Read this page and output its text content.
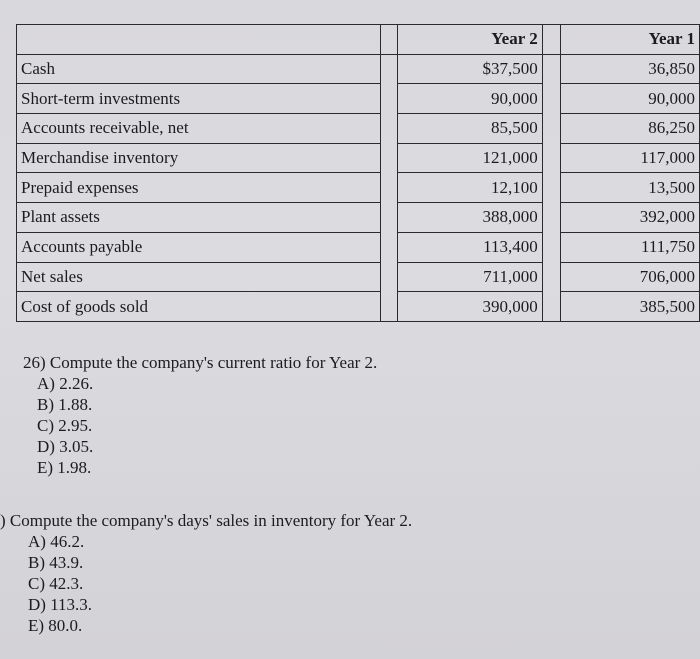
		Year 2		Year 1
Cash		$37,500		36,850
Short-term investments		90,000		90,000
Accounts receivable, net		85,500		86,250
Merchandise inventory		121,000		117,000
Prepaid expenses		12,100		13,500
Plant assets		388,000		392,000
Accounts payable		113,400		111,750
Net sales		711,000		706,000
Cost of goods sold		390,000		385,500
26) Compute the company's current ratio for Year 2.
A) 2.26.
B) 1.88.
C) 2.95.
D) 3.05.
E) 1.98.
) Compute the company's days' sales in inventory for Year 2.
A) 46.2.
B) 43.9.
C) 42.3.
D) 113.3.
E) 80.0.
